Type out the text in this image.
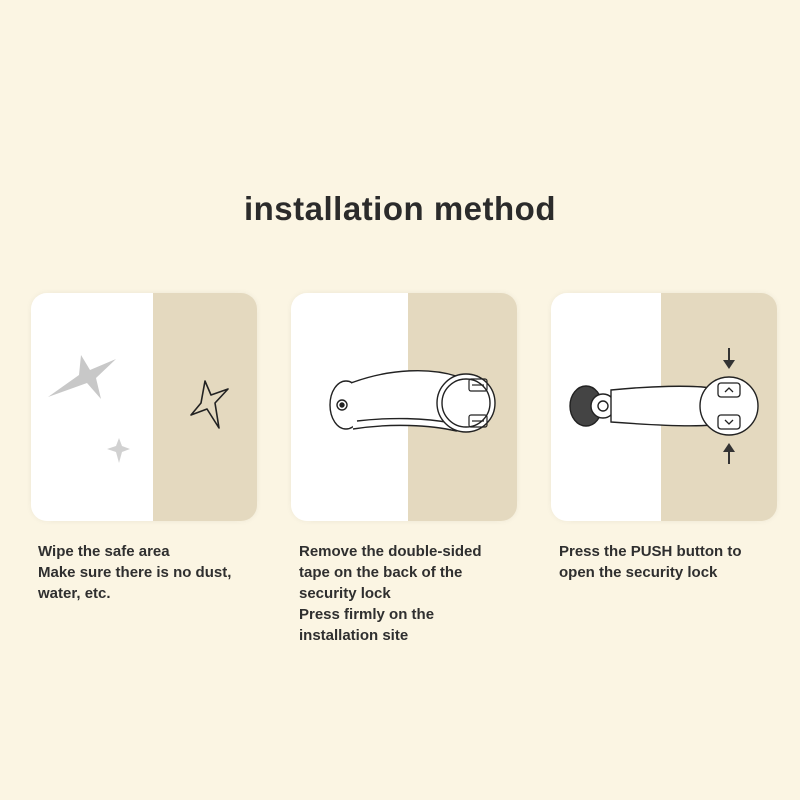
installation method
Wipe the safe area
Make sure there is no dust,
water, etc.
Remove the double-sided
tape on the back of the
security lock
Press firmly on the
installation site
Press the PUSH button to
open the security lock
